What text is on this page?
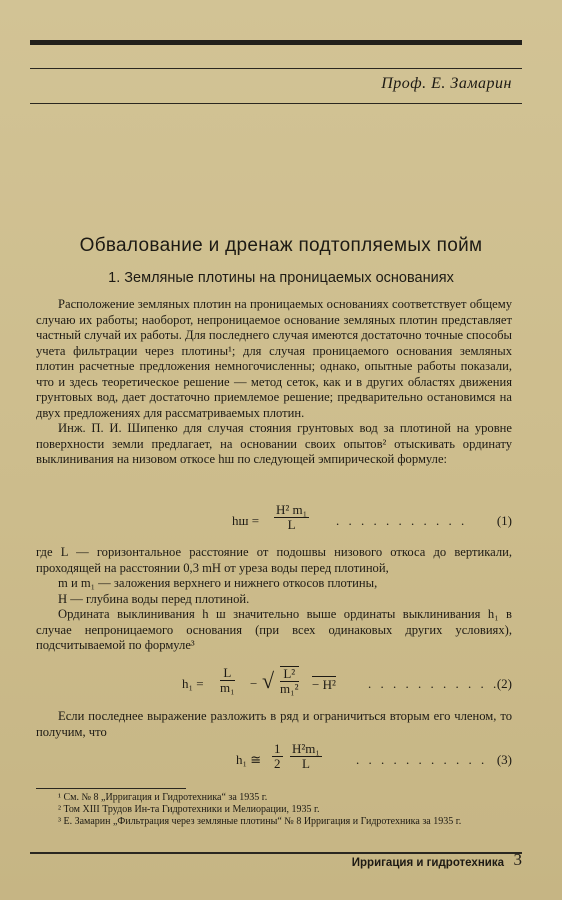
Проф. Е. Замарин
Обвалование и дренаж подтопляемых пойм
1. Земляные плотины на проницаемых основаниях

Расположение земляных плотин на проницаемых основаниях соответствует общему случаю их работы; наоборот, непроницаемое основание земляных плотин представляет частный случай их работы. Для последнего случая имеются достаточно точные способы учета фильтрации через плотины¹; для случая проницаемого основания земляных плотин расчетные предложения немногочисленны; однако, опытные работы показали, что и здесь теоретическое решение — метод сеток, как и в других областях движения грунтовых вод, дает достаточно приемлемое решение; предварительно остановимся на двух предложениях для рассматриваемых плотин.

Инж. П. И. Шипенко для случая стояния грунтовых вод за плотиной на уровне поверхности земли предлагает, на основании своих опытов² отыскивать ординату выклинивания на низовом откосе hш по следующей эмпирической формуле:

hш = $\frac{\text{H² m₁}}{L}$ . . . . . . . . . . . (1)

где L — горизонтальное расстояние от подошвы низового откоса до вертикали, проходящей на расстоянии 0,3 mH от уреза воды перед плотиной,

m и m₁ — заложения верхнего и нижнего откосов плотины,

H — глубина воды перед плотиной.

Ордината выклинивания h ш значительно выше ординаты выклинивания h₁ в случае непроницаемого основания (при всех одинаковых других условиях), подсчитываемой по формуле³

$h_1 = \frac{L}{\text{m₁}}$ − √ $\frac{\text{L²}}{\text{m₁²}} - H^2$ . . . . . . . . . . .
(2)

Если последнее выражение разложить в ряд и ограничиться вторым его членом, то получим, что

h₁ ≅ $\frac{1}{2} \frac{\text{H²m₁}}{L}$	. . . . . . . . . . . (3)

¹ См. № 8 „Ирригация и Гидротехника“ за 1935 г.

² Том XIII Трудов Ин-та Гидротехники и Мелиорации, 1935 г.

³ Е. Замарин „Фильтрация через земляные плотины“ № 8 Ирригация и Гидротехника за 1935 г.

Ирригация и гидротехника 3
